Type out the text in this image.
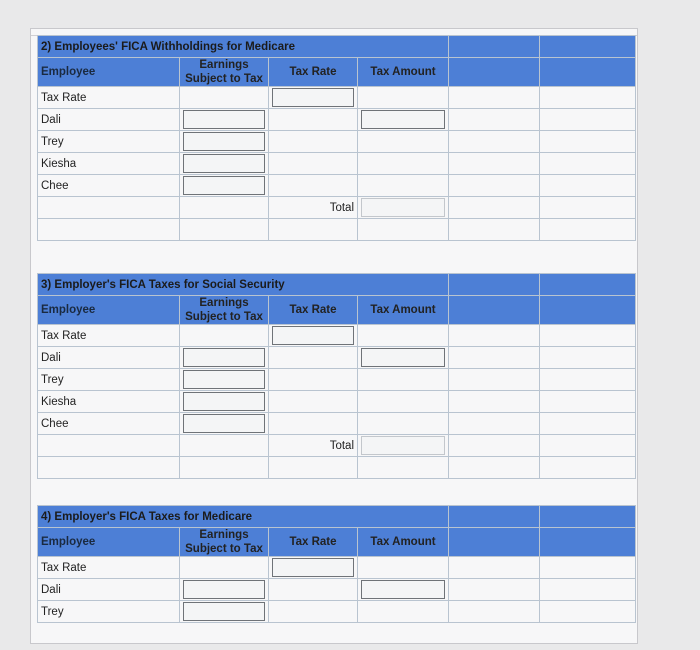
2) Employees' FICA Withholdings for Medicare					
Employee	Earnings Subject to Tax	Tax Rate	Tax Amount		
Tax Rate		

Dali	

Trey	

Kiesha	

Chee	

		Total	

3) Employer's FICA Taxes for Social Security					
Employee	Earnings Subject to Tax	Tax Rate	Tax Amount		
Tax Rate		

Dali	

Trey	

Kiesha	

Chee	

		Total	

4) Employer's FICA Taxes for Medicare					
Employee	Earnings Subject to Tax	Tax Rate	Tax Amount		
Tax Rate		

Dali	

Trey	
